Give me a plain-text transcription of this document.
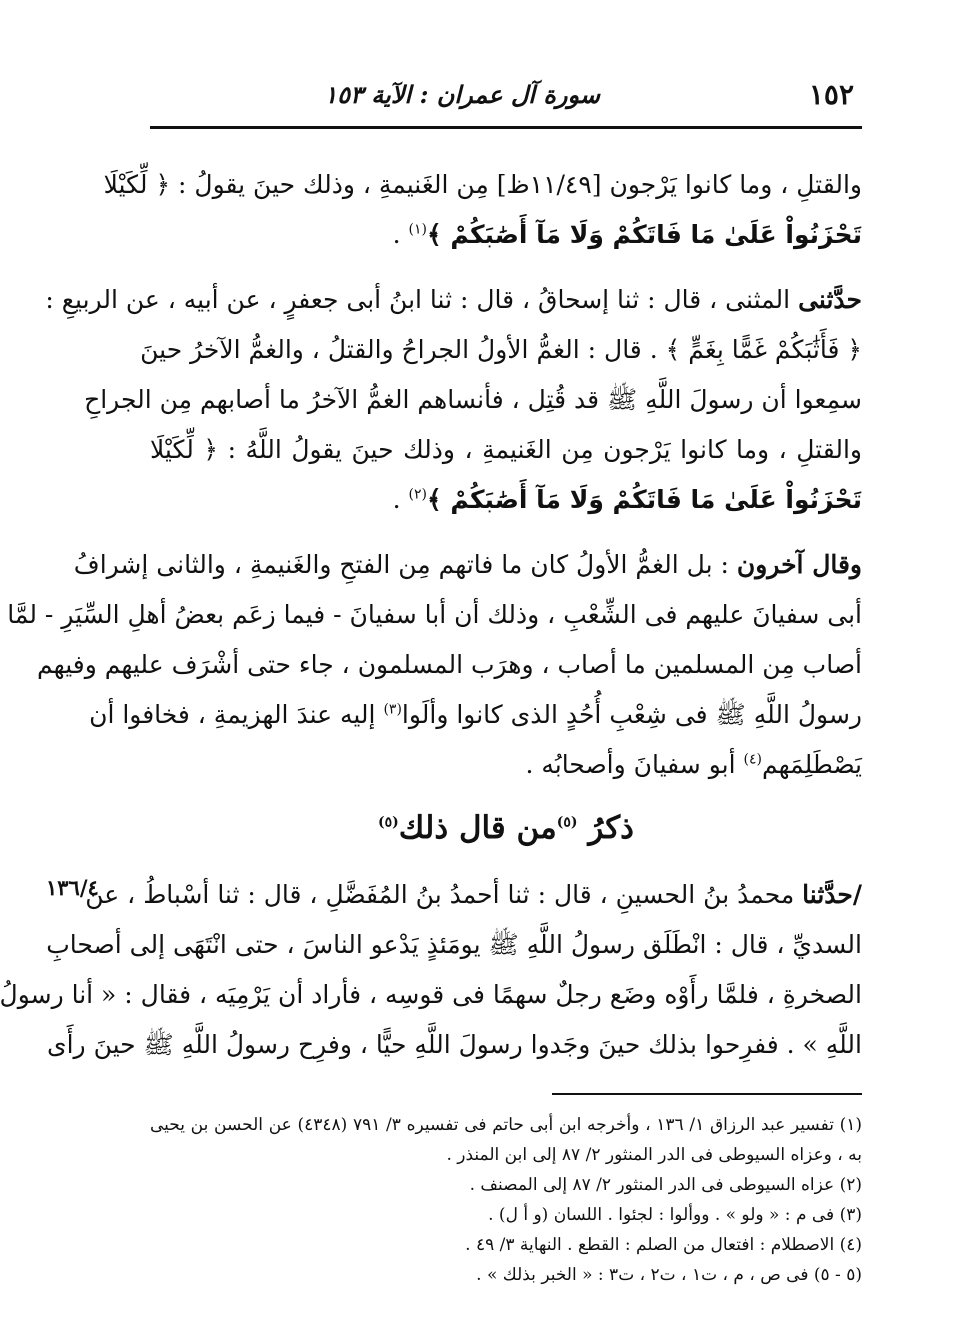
١٥٢
سورة آل عمران : الآية ١٥٣
والقتلِ ، وما كانوا يَرْجون [١١/٤٩ظ] مِن الغَنيمةِ ، وذلك حينَ يقولُ : ﴿ لِّكَيْلَا
تَحْزَنُواْ عَلَىٰ مَا فَاتَكُمْ وَلَا مَآ أَصَٰبَكُمْ ﴾$^{(١)}$ .
حدَّثنى المثنى ، قال : ثنا إسحاقُ ، قال : ثنا ابنُ أبى جعفرٍ ، عن أبيه ، عن الربيعِ :
﴿ فَأَثَٰبَكُمْ غَمًّا بِغَمٍّ ﴾ . قال : الغمُّ الأولُ الجراحُ والقتلُ ، والغمُّ الآخرُ حينَ
سمِعوا أن رسولَ اللَّهِ ﷺ قد قُتِل ، فأنساهم الغمُّ الآخرُ ما أصابهم مِن الجراحِ
والقتلِ ، وما كانوا يَرْجون مِن الغَنيمةِ ، وذلك حينَ يقولُ اللَّهُ : ﴿ لِّكَيْلَا
تَحْزَنُواْ عَلَىٰ مَا فَاتَكُمْ وَلَا مَآ أَصَٰبَكُمْ ﴾$^{(٢)}$ .
وقال آخرون : بل الغمُّ الأولُ كان ما فاتهم مِن الفتحِ والغَنيمةِ ، والثانى إشرافُ
أبى سفيانَ عليهم فى الشِّعْبِ ، وذلك أن أبا سفيانَ - فيما زعَم بعضُ أهلِ السِّيَرِ - لمَّا
أصاب مِن المسلمين ما أصاب ، وهرَب المسلمون ، جاء حتى أشْرَف عليهم وفيهم
رسولُ اللَّهِ ﷺ فى شِعْبِ أُحُدٍ الذى كانوا وألَوا$^{(٣)}$ إليه عندَ الهزيمةِ ، فخافوا أن
يَصْطَلِمَهم$^{(٤)}$ أبو سفيانَ وأصحابُه .
ذكرُ $^{(٥)}$من قال ذلك$^{(٥)}$
١٣٦/٤	/حدَّثنا محمدُ بنُ الحسينِ ، قال : ثنا أحمدُ بنُ المُفَضَّلِ ، قال : ثنا أسْباطُ ، عن
السديِّ ، قال : انْطَلَق رسولُ اللَّهِ ﷺ يومَئذٍ يَدْعو الناسَ ، حتى انْتَهَى إلى أصحابِ
الصخرةِ ، فلمَّا رأَوْه وضَع رجلٌ سهمًا فى قوسِه ، فأراد أن يَرْمِيَه ، فقال : « أنا رسولُ
اللَّهِ » . ففرِحوا بذلك حينَ وجَدوا رسولَ اللَّهِ حيًّا ، وفرِح رسولُ اللَّهِ ﷺ حينَ رأَى
(١) تفسير عبد الرزاق ١/ ١٣٦ ، وأخرجه ابن أبى حاتم فى تفسيره ٣/ ٧٩١ (٤٣٤٨) عن الحسن بن يحيى
به ، وعزاه السيوطى فى الدر المنثور ٢/ ٨٧ إلى ابن المنذر .
(٢) عزاه السيوطى فى الدر المنثور ٢/ ٨٧ إلى المصنف .
(٣) فى م : « ولو » . ووألوا : لجئوا . اللسان (و أ ل) .
(٤) الاصطلام : افتعال من الصلم : القطع . النهاية ٣/ ٤٩ .
(٥ - ٥) فى ص ، م ، ت١ ، ت٢ ، ت٣ : « الخبر بذلك » .
